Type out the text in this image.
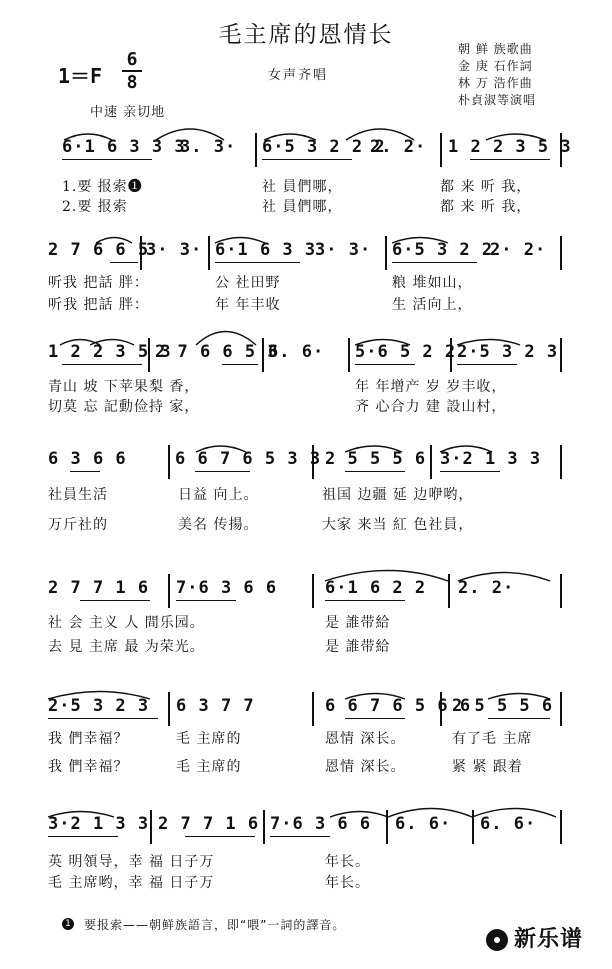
毛主席的恩情长
1＝F
6
8	女声齐唱
中速 亲切地
朝 鲜 族歌曲
金 庚 石作詞
林 万 浩作曲
朴貞淑等演唱
6·1 6 3 3 3
3. 3· 6·5 3 2 2 2
2. 2· 1 2 2 3 5 3
1.要 报索❶	社 員們哪，	都 来 听 我，
2.要 报索	社 員們哪，	都 来 听 我，
2 7 6 6 5
3· 3· 6·1 6 3 3
3· 3· 6·5 3 2 2
2· 2·
听我 把話 胖：	公 社田野	粮 堆如山，
听我 把話 胖：	年 年丰收	生 活向上，
1 2 2 3 5 3
2 7 6 6 5 3
6. 6· 5·6 5 2 2 2·5 3 2 3
青山 坡 下苹果梨 香，	年 年增产 岁 岁丰收，
切莫 忘 記動俭持 家，	齐 心合力 建 設山村，
6 3 6 6	6 6 7 6 5 3 3 2 5 5 5 6 3·2 1 3 3
社員生活	日益 向上。	祖国 边疆 延 边咿哟，
万斤社的	美名 传揚。	大家 来当 紅 色社員，
2 7 7 1 6 7·6 3 6 6	6·1 6 2 2 2. 2·
社 会 主义 人 間乐园。	是 誰带給
去 見 主席 最 为荣光。	是 誰带給
2·5 3 2 3 6 3 7 7	6 6 7 6 5 6 6
2 5 5 5 6
我 們幸福？	毛 主席的	恩情 深长。	有了毛 主席
我 們幸福？	毛 主席的	恩情 深长。	紧 紧 跟着
3·2 1 3 3 2 7 7 1 6 7·6 3 6 6 6. 6· 6. 6·
英 明領导，幸 福 日子万	年长。
毛 主席哟，幸 福 日子万	年长。
1 要报索——朝鲜族語言，即“喂”一詞的譯音。
新乐谱
